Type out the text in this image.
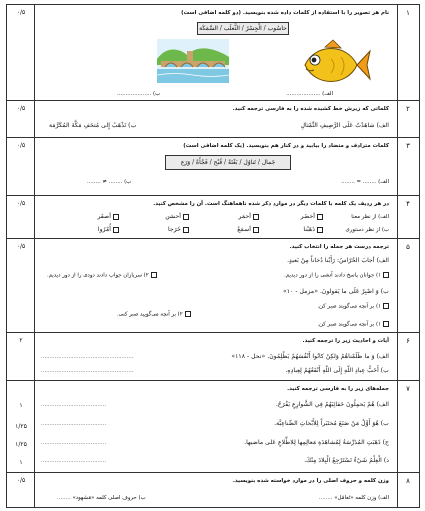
۱
۰/۵	نام هر تصویر را با استفاده از کلمات داده شده بنویسید. (دو کلمه اضافی است)
حاسُوب / الْجِسْرُ / الثَّعلَب / السَّمَکَة
الف) ....................
ب) ....................
۲
۰/۵	کلماتی که زیرش خط کشیده شده را به فارسی ترجمه کنید.
الف) شاهَدْتُ عَلَى الرَّصِيفِ التِّمْثالِ
ب) تَذْهَبُ إِلى مُتحَفِ مَكَّةَ المُكَرَّمَة
۳
۰/۵	کلمات مترادف و متضاد را بیابید و در کنار هم بنویسید. (یک کلمه اضافی است)
جَمال / تَناوُل / بَغْتَةً / قُبْح / فَجْأَةً / وَرَع
الف) ........ = ........
ب) ........ ≠ ........
۴
۰/۵	در هر ردیف یک کلمه با کلمات دیگر در موارد ذکر شده ناهماهنگ است. آن را مشخص کنید.
الف) از نظر معنا
أخضَر
أحمَر
أحسَن
أصفَر
ب) از نظر دستوری
ذَهَبْنا
أسمَعُ
خَرَجا
أُمْرُوا
۵
۰/۵	ترجمه درست هر جمله را انتخاب کنید.
الف) أجابَ الحُرّاسُ: رَأَيْنا دُخاناً مِنْ بَعيدٍ.
۱) جوانان پاسخ دادند آتشی را از دور دیدیم.
۲) سربازان جواب دادند دودی را از دور دیدیم.
ب) وَ اصْبِرْ عَلَى ما يَقولونَ. «مزمل - ۱۰»
۱) بر آنچه می‌گویند صبر کن.
۲) بر آنچه می‌گویید صبر کنی.
۱) بر آنچه می‌گویند صبر کن.
۶
۲	آیات و احادیث زیر را ترجمه کنید.
الف) وَ ما ظَلَمْناهُمْ وَلكِنْ كانُوا أَنْفُسَهُمْ يَظْلِمُونَ. «نحل - ۱۱۸»
......................................................
ب) أَحَبُّ عِبادِ اللّهِ إِلَى اللّهِ أَنْفَعُهُمْ لِعِبادِهِ.
......................................................
۷
۱
۱/۲۵
۱/۲۵
۱
جمله‌های زیر را به فارسی ترجمه کنید.
الف) هُمْ يَحمِلُونَ حَقائِبَهُمْ فِي الشَّوارِعِ يَفْرَحُ.
......................................
ب) هُوَ أَوَّلُ مَنْ صَنَعَ مُختَبَراً لِلأَبْحاثِ الصِّناعِيَّة.
......................................
ج) ذَهَبَتِ المُدَرِّسَةُ لِمُشاهَدَةِ مَعالِمِها لِلاطِّلاعِ عَلى ماضيها.
......................................
د) الْعِلْمُ شَيْءٌ تَسْتَرْجِعُ الْبِلادَ مِنْكَ.
......................................
۸
۰/۵	وزن کلمه و حروف اصلی را در موارد خواسته شده بنویسید.
الف) وزن کلمه «تَعامُل» ........
ب) حروف اصلی کلمه «مَشهود» ........
